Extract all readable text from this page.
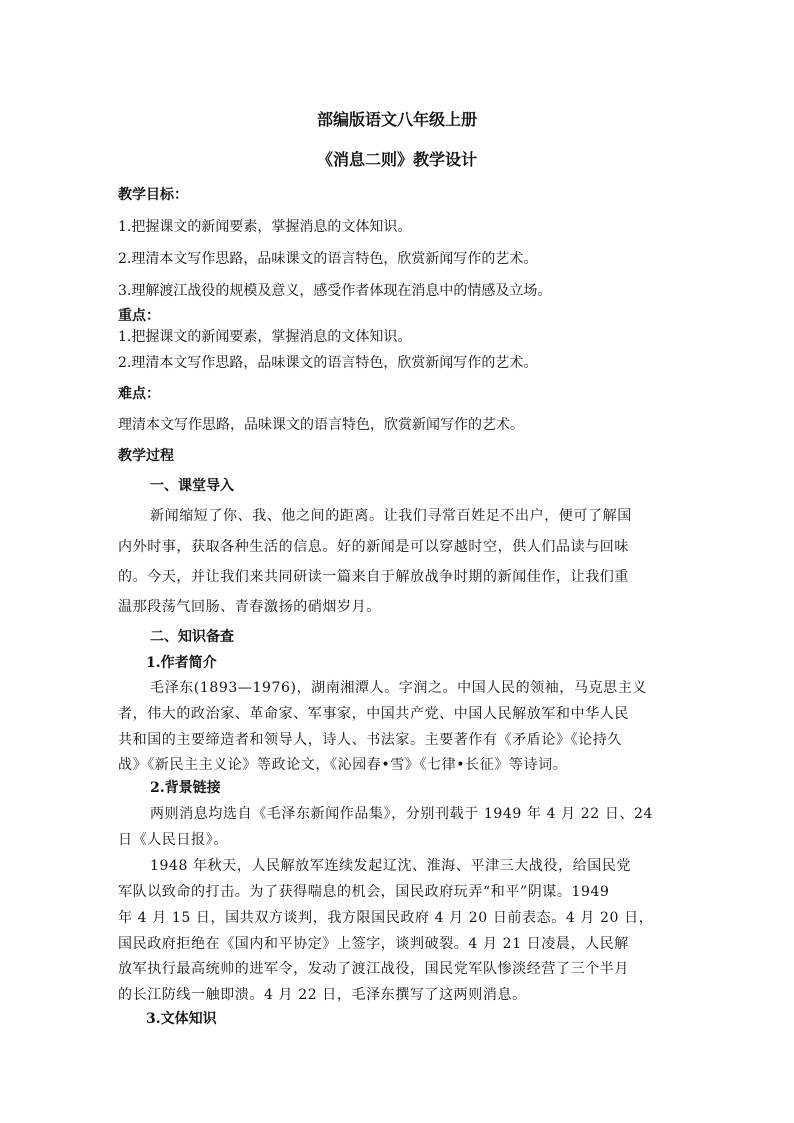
部编版语文八年级上册
《消息二则》教学设计
教学目标：
1.把握课文的新闻要素，掌握消息的文体知识。
2.理清本文写作思路，品味课文的语言特色，欣赏新闻写作的艺术。
3.理解渡江战役的规模及意义，感受作者体现在消息中的情感及立场。
重点：
1.把握课文的新闻要素，掌握消息的文体知识。
2.理清本文写作思路，品味课文的语言特色，欣赏新闻写作的艺术。
难点：
理清本文写作思路，品味课文的语言特色，欣赏新闻写作的艺术。
教学过程
一、课堂导入
新闻缩短了你、我、他之间的距离。让我们寻常百姓足不出户，便可了解国
内外时事，获取各种生活的信息。好的新闻是可以穿越时空，供人们品读与回味
的。今天，并让我们来共同研读一篇来自于解放战争时期的新闻佳作，让我们重
温那段荡气回肠、青春激扬的硝烟岁月。
二、知识备查
1.作者简介
毛泽东(1893—1976)，湖南湘潭人。字润之。中国人民的领袖，马克思主义
者，伟大的政治家、革命家、军事家，中国共产党、中国人民解放军和中华人民
共和国的主要缔造者和领导人，诗人、书法家。主要著作有《矛盾论》《论持久
战》《新民主主义论》等政论文，《沁园春•雪》《七律•长征》等诗词。
2.背景链接
两则消息均选自《毛泽东新闻作品集》，分别刊载于 1949 年 4 月 22 日、24
日《人民日报》。
1948 年秋天，人民解放军连续发起辽沈、淮海、平津三大战役，给国民党
军队以致命的打击。为了获得喘息的机会，国民政府玩弄“和平”阴谋。1949
年 4 月 15 日，国共双方谈判，我方限国民政府 4 月 20 日前表态。4 月 20 日，
国民政府拒绝在《国内和平协定》上签字，谈判破裂。4 月 21 日凌晨，人民解
放军执行最高统帅的进军令，发动了渡江战役，国民党军队惨淡经营了三个半月
的长江防线一触即溃。4 月 22 日，毛泽东撰写了这两则消息。
3.文体知识
